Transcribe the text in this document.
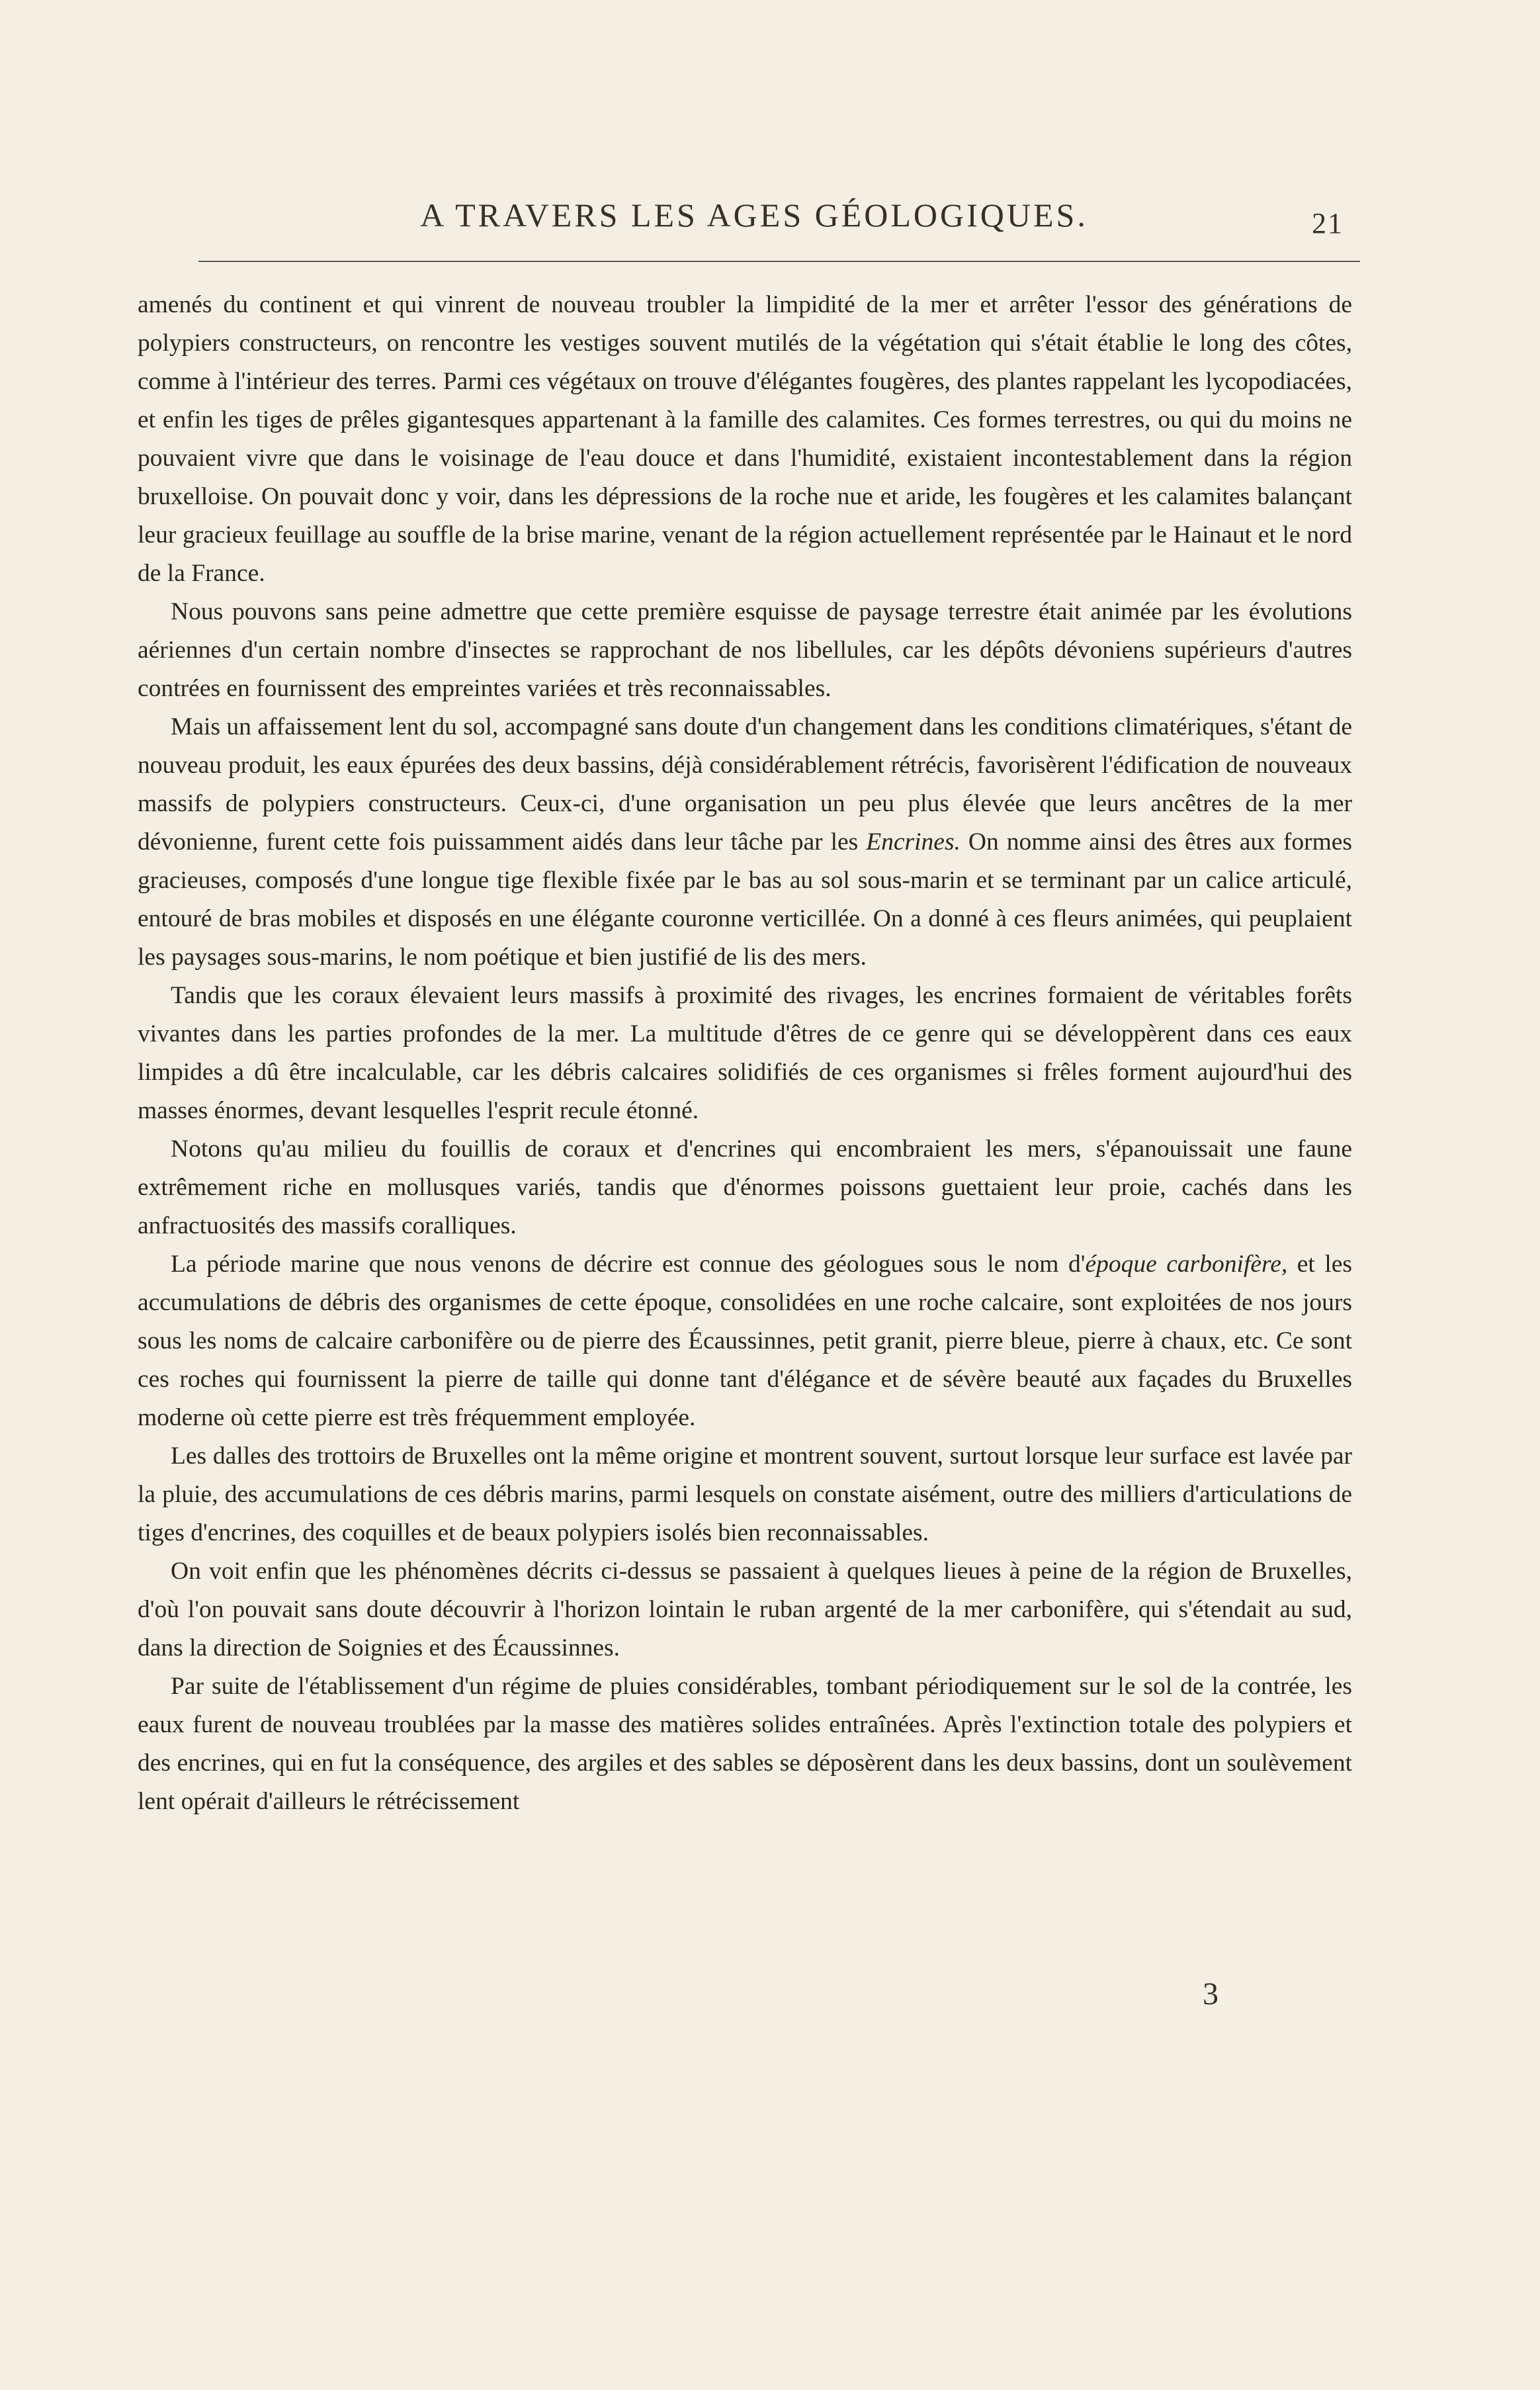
A TRAVERS LES AGES GÉOLOGIQUES.	21

amenés du continent et qui vinrent de nouveau troubler la limpidité de la mer et arrêter l'essor des générations de polypiers constructeurs, on rencontre les vestiges souvent mutilés de la végétation qui s'était établie le long des côtes, comme à l'intérieur des terres. Parmi ces végétaux on trouve d'élégantes fougères, des plantes rappelant les lycopodiacées, et enfin les tiges de prêles gigantesques appartenant à la famille des calamites. Ces formes terrestres, ou qui du moins ne pouvaient vivre que dans le voisinage de l'eau douce et dans l'humidité, existaient incontestablement dans la région bruxelloise. On pouvait donc y voir, dans les dépressions de la roche nue et aride, les fougères et les calamites balançant leur gracieux feuillage au souffle de la brise marine, venant de la région actuellement représentée par le Hainaut et le nord de la France.

Nous pouvons sans peine admettre que cette première esquisse de paysage terrestre était animée par les évolutions aériennes d'un certain nombre d'insectes se rapprochant de nos libellules, car les dépôts dévoniens supérieurs d'autres contrées en fournissent des empreintes variées et très reconnaissables.

Mais un affaissement lent du sol, accompagné sans doute d'un changement dans les conditions climatériques, s'étant de nouveau produit, les eaux épurées des deux bassins, déjà considérablement rétrécis, favorisèrent l'édification de nouveaux massifs de polypiers constructeurs. Ceux-ci, d'une organisation un peu plus élevée que leurs ancêtres de la mer dévonienne, furent cette fois puissamment aidés dans leur tâche par les Encrines. On nomme ainsi des êtres aux formes gracieuses, composés d'une longue tige flexible fixée par le bas au sol sous-marin et se terminant par un calice articulé, entouré de bras mobiles et disposés en une élégante couronne verticillée. On a donné à ces fleurs animées, qui peuplaient les paysages sous-marins, le nom poétique et bien justifié de lis des mers.

Tandis que les coraux élevaient leurs massifs à proximité des rivages, les encrines formaient de véritables forêts vivantes dans les parties profondes de la mer. La multitude d'êtres de ce genre qui se développèrent dans ces eaux limpides a dû être incalculable, car les débris calcaires solidifiés de ces organismes si frêles forment aujourd'hui des masses énormes, devant lesquelles l'esprit recule étonné.

Notons qu'au milieu du fouillis de coraux et d'encrines qui encombraient les mers, s'épanouissait une faune extrêmement riche en mollusques variés, tandis que d'énormes poissons guettaient leur proie, cachés dans les anfractuosités des massifs coralliques.

La période marine que nous venons de décrire est connue des géologues sous le nom d'époque carbonifère, et les accumulations de débris des organismes de cette époque, consolidées en une roche calcaire, sont exploitées de nos jours sous les noms de calcaire carbonifère ou de pierre des Écaussinnes, petit granit, pierre bleue, pierre à chaux, etc. Ce sont ces roches qui fournissent la pierre de taille qui donne tant d'élégance et de sévère beauté aux façades du Bruxelles moderne où cette pierre est très fréquemment employée.

Les dalles des trottoirs de Bruxelles ont la même origine et montrent souvent, surtout lorsque leur surface est lavée par la pluie, des accumulations de ces débris marins, parmi lesquels on constate aisément, outre des milliers d'articulations de tiges d'encrines, des coquilles et de beaux polypiers isolés bien reconnaissables.

On voit enfin que les phénomènes décrits ci-dessus se passaient à quelques lieues à peine de la région de Bruxelles, d'où l'on pouvait sans doute découvrir à l'horizon lointain le ruban argenté de la mer carbonifère, qui s'étendait au sud, dans la direction de Soignies et des Écaussinnes.

Par suite de l'établissement d'un régime de pluies considérables, tombant périodiquement sur le sol de la contrée, les eaux furent de nouveau troublées par la masse des matières solides entraînées. Après l'extinction totale des polypiers et des encrines, qui en fut la conséquence, des argiles et des sables se déposèrent dans les deux bassins, dont un soulèvement lent opérait d'ailleurs le rétrécissement

3
